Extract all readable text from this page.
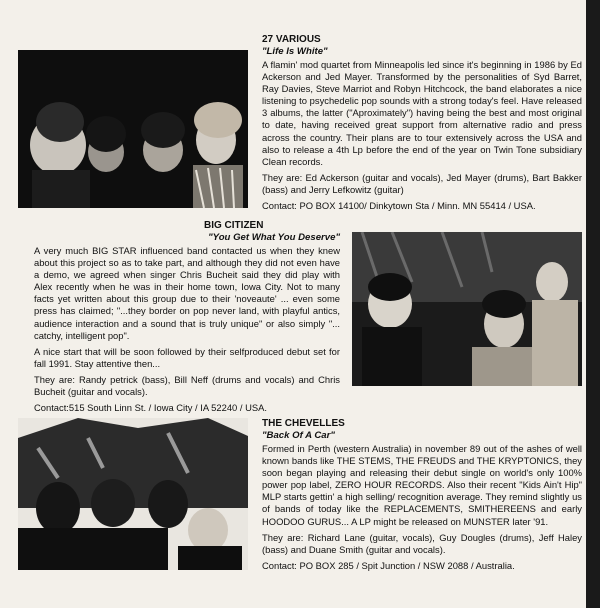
27 VARIOUS
"Life Is White"

A flamin' mod quartet from Minneapolis led since it's beginning in 1986 by Ed Ackerson and Jed Mayer. Transformed by the personalities of Syd Barret, Ray Davies, Steve Marriot and Robyn Hitchcock, the band elaborates a nice listening to psychedelic pop sounds with a strong today's feel. Have released 3 albums, the latter ("Aproximately") having being the best and most original to date, having received great support from alternative radio and press across the country. Their plans are to tour extensively across the USA and also to release a 4th Lp before the end of the year on Twin Tone subsidiary Clean records.

They are: Ed Ackerson (guitar and vocals), Jed Mayer (drums), Bart Bakker (bass) and Jerry Lefkowitz (guitar)

Contact: PO BOX 14100/ Dinkytown Sta / Minn. MN 55414 / USA.

BIG CITIZEN
"You Get What You Deserve"

A very much BIG STAR influenced band contacted us when they knew about this project so as to take part, and although they did not even have a demo, we agreed when singer Chris Bucheit said they did play with Alex recently when he was in their home town, Iowa City. Not to many facts yet written about this group due to their 'noveaute' ... even some press has claimed; "...they border on pop never land, with playful antics, audience interaction and a sound that is truly unique" or also simply "... catchy, intelligent pop".

A nice start that will be soon followed by their selfproduced debut set for fall 1991. Stay attentive then...

They are: Randy petrick (bass), Bill Neff (drums and vocals) and Chris Bucheit (guitar and vocals).

Contact:515 South Linn St. / Iowa City / IA 52240 / USA.

THE CHEVELLES
"Back Of A Car"

Formed in Perth (western Australia) in november 89 out of the ashes of well known bands like THE STEMS, THE FREUDS and THE KRYPTONICS, they soon began playing and releasing their debut single on world's only 100% power pop label, ZERO HOUR RECORDS. Also their recent "Kids Ain't Hip" MLP starts gettin' a high selling/ recognition average. They remind slightly us of bands of today like the REPLACEMENTS, SMITHEREENS and early HOODOO GURUS... A LP might be released on MUNSTER later '91.

They are: Richard Lane (guitar, vocals), Guy Dougles (drums), Jeff Haley (bass) and Duane Smith (guitar and vocals).

Contact: PO BOX 285 / Spit Junction / NSW 2088 / Australia.
